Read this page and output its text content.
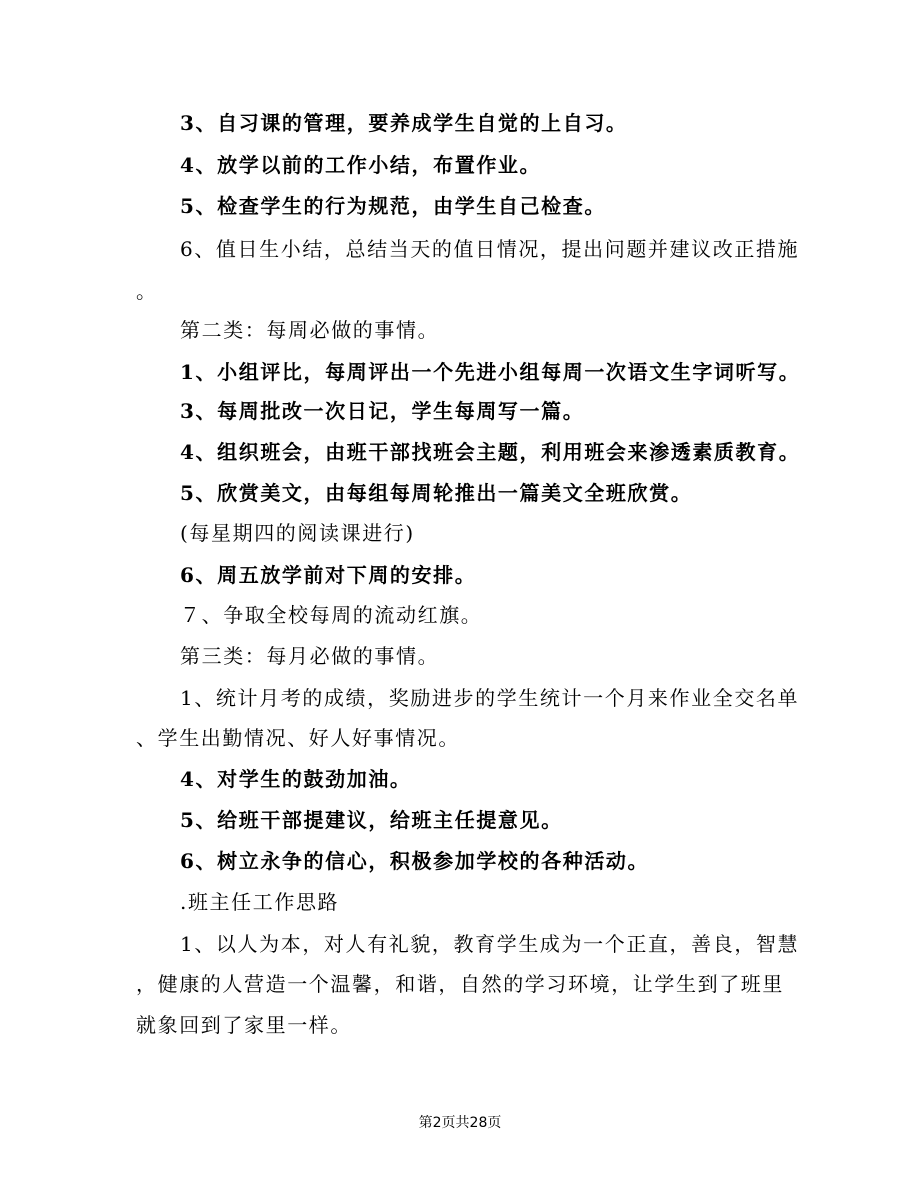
3、自习课的管理，要养成学生自觉的上自习。
4、放学以前的工作小结，布置作业。
5、检查学生的行为规范，由学生自己检查。
6、值日生小结，总结当天的值日情况，提出问题并建议改正措施
。
第二类：每周必做的事情。
1、小组评比，每周评出一个先进小组每周一次语文生字词听写。
3、每周批改一次日记，学生每周写一篇。
4、组织班会，由班干部找班会主题，利用班会来渗透素质教育。
5、欣赏美文，由每组每周轮推出一篇美文全班欣赏。
(每星期四的阅读课进行)
6、周五放学前对下周的安排。
７、争取全校每周的流动红旗。
第三类：每月必做的事情。
1、统计月考的成绩，奖励进步的学生统计一个月来作业全交名单
、学生出勤情况、好人好事情况。
4、对学生的鼓劲加油。
5、给班干部提建议，给班主任提意见。
6、树立永争的信心，积极参加学校的各种活动。
.班主任工作思路
1、以人为本，对人有礼貌，教育学生成为一个正直，善良，智慧
，健康的人营造一个温馨，和谐，自然的学习环境，让学生到了班里
就象回到了家里一样。
第2页共28页
